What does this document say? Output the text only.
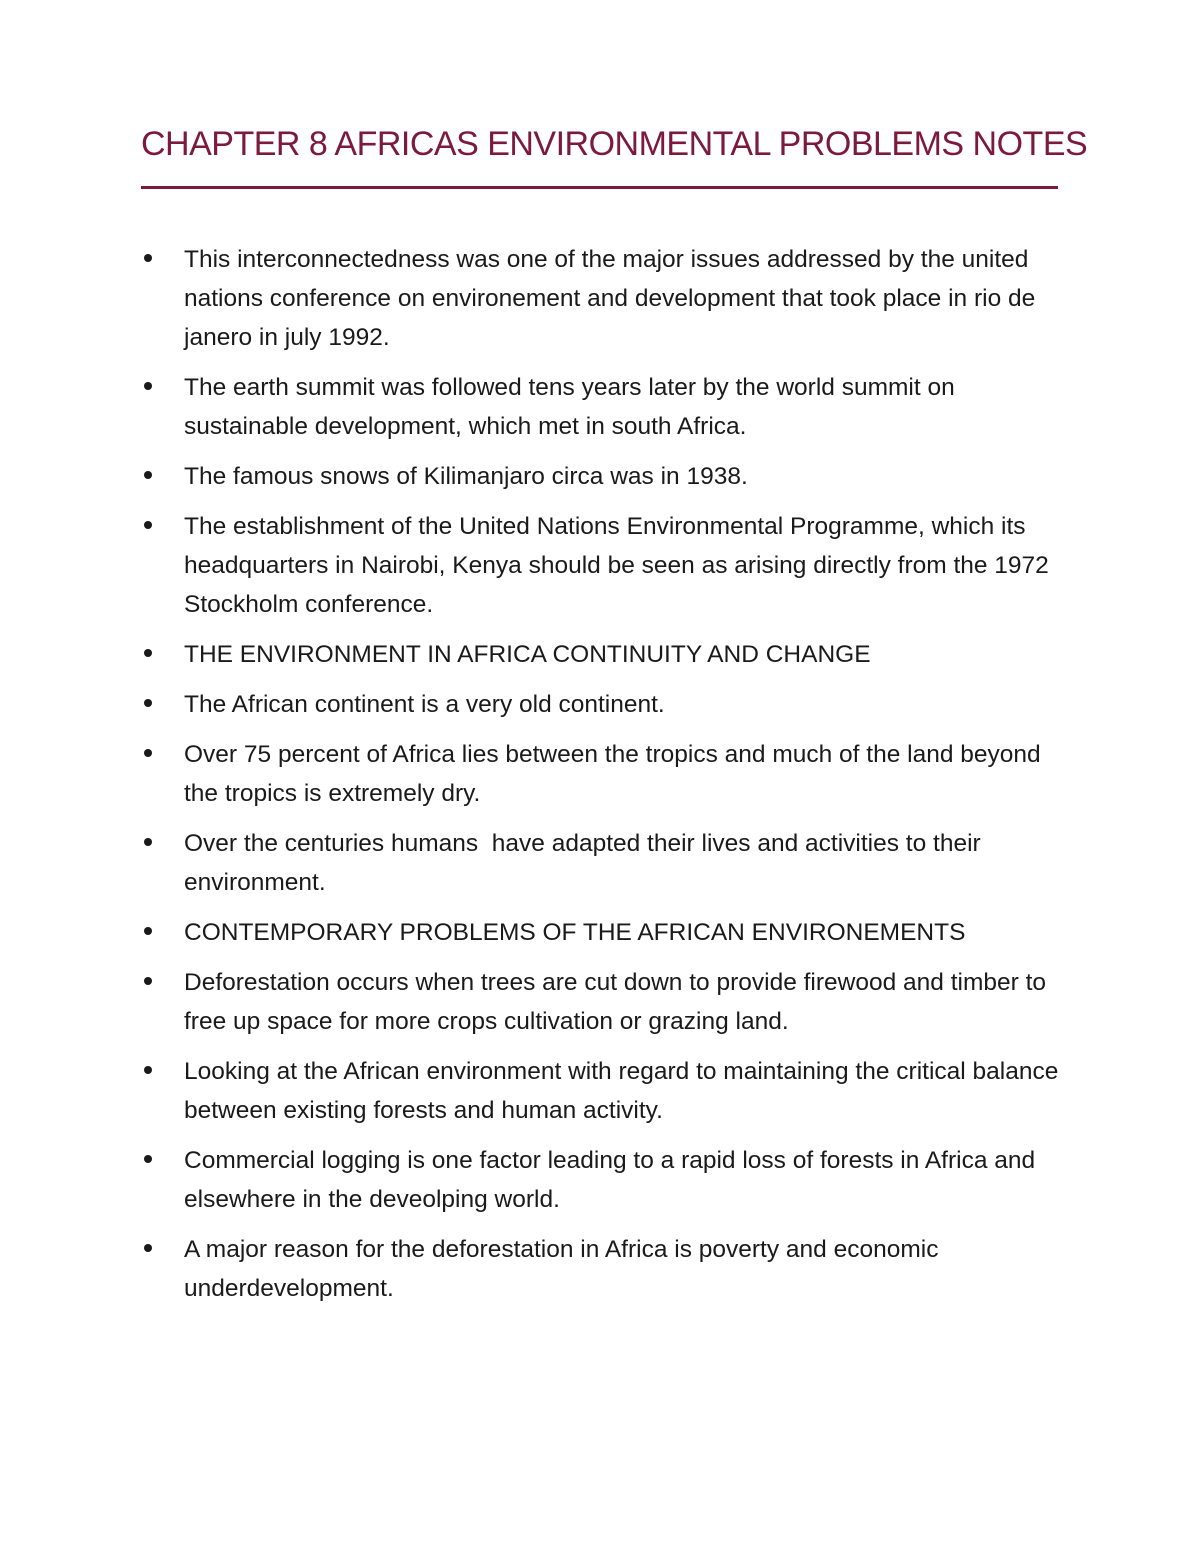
CHAPTER 8 AFRICAS ENVIRONMENTAL PROBLEMS NOTES
This interconnectedness was one of the major issues addressed by the united nations conference on environement and development that took place in rio de janero in july 1992.
The earth summit was followed tens years later by the world summit on sustainable development, which met in south Africa.
The famous snows of Kilimanjaro circa was in 1938.
The establishment of the United Nations Environmental Programme, which its headquarters in Nairobi, Kenya should be seen as arising directly from the 1972 Stockholm conference.
THE ENVIRONMENT IN AFRICA CONTINUITY AND CHANGE
The African continent is a very old continent.
Over 75 percent of Africa lies between the tropics and much of the land beyond the tropics is extremely dry.
Over the centuries humans  have adapted their lives and activities to their environment.
CONTEMPORARY PROBLEMS OF THE AFRICAN ENVIRONEMENTS
Deforestation occurs when trees are cut down to provide firewood and timber to free up space for more crops cultivation or grazing land.
Looking at the African environment with regard to maintaining the critical balance between existing forests and human activity.
Commercial logging is one factor leading to a rapid loss of forests in Africa and elsewhere in the deveolping world.
A major reason for the deforestation in Africa is poverty and economic underdevelopment.
